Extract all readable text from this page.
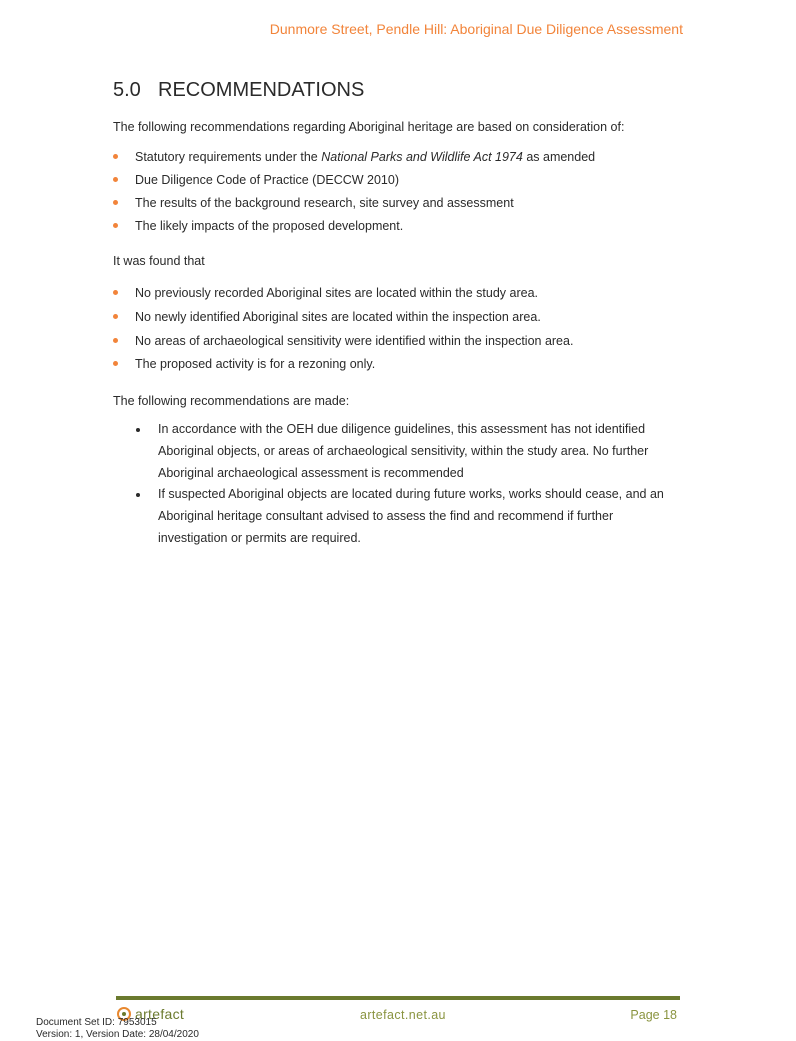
Dunmore Street, Pendle Hill: Aboriginal Due Diligence Assessment
5.0 RECOMMENDATIONS
The following recommendations regarding Aboriginal heritage are based on consideration of:
Statutory requirements under the National Parks and Wildlife Act 1974 as amended
Due Diligence Code of Practice (DECCW 2010)
The results of the background research, site survey and assessment
The likely impacts of the proposed development.
It was found that
No previously recorded Aboriginal sites are located within the study area.
No newly identified Aboriginal sites are located within the inspection area.
No areas of archaeological sensitivity were identified within the inspection area.
The proposed activity is for a rezoning only.
The following recommendations are made:
In accordance with the OEH due diligence guidelines, this assessment has not identified Aboriginal objects, or areas of archaeological sensitivity, within the study area. No further Aboriginal archaeological assessment is recommended
If suspected Aboriginal objects are located during future works, works should cease, and an Aboriginal heritage consultant advised to assess the find and recommend if further investigation or permits are required.
artefact	artefact.net.au	Page 18
Document Set ID: 7953015
Version: 1, Version Date: 28/04/2020
